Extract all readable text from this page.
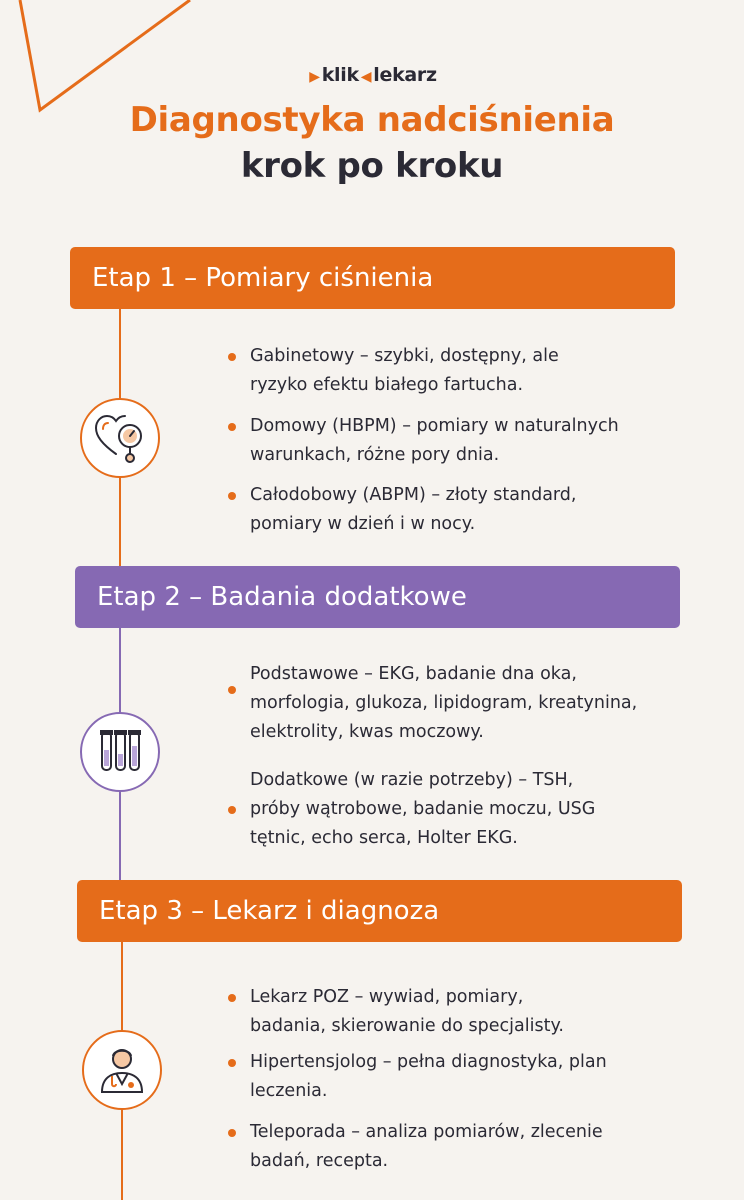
▶ klik ◀ lekarz
Diagnostyka nadciśnienia
krok po kroku
Etap 1 – Pomiary ciśnienia
Gabinetowy – szybki, dostępny, ale
ryzyko efektu białego fartucha.
Domowy (HBPM) – pomiary w naturalnych
warunkach, różne pory dnia.
Całodobowy (ABPM) – złoty standard,
pomiary w dzień i w nocy.
Etap 2 – Badania dodatkowe
Podstawowe – EKG, badanie dna oka,
morfologia, glukoza, lipidogram, kreatynina,
elektrolity, kwas moczowy.
Dodatkowe (w razie potrzeby) – TSH,
próby wątrobowe, badanie moczu, USG
tętnic, echo serca, Holter EKG.
Etap 3 – Lekarz i diagnoza
Lekarz POZ – wywiad, pomiary,
badania, skierowanie do specjalisty.
Hipertensjolog – pełna diagnostyka, plan
leczenia.
Teleporada – analiza pomiarów, zlecenie
badań, recepta.
